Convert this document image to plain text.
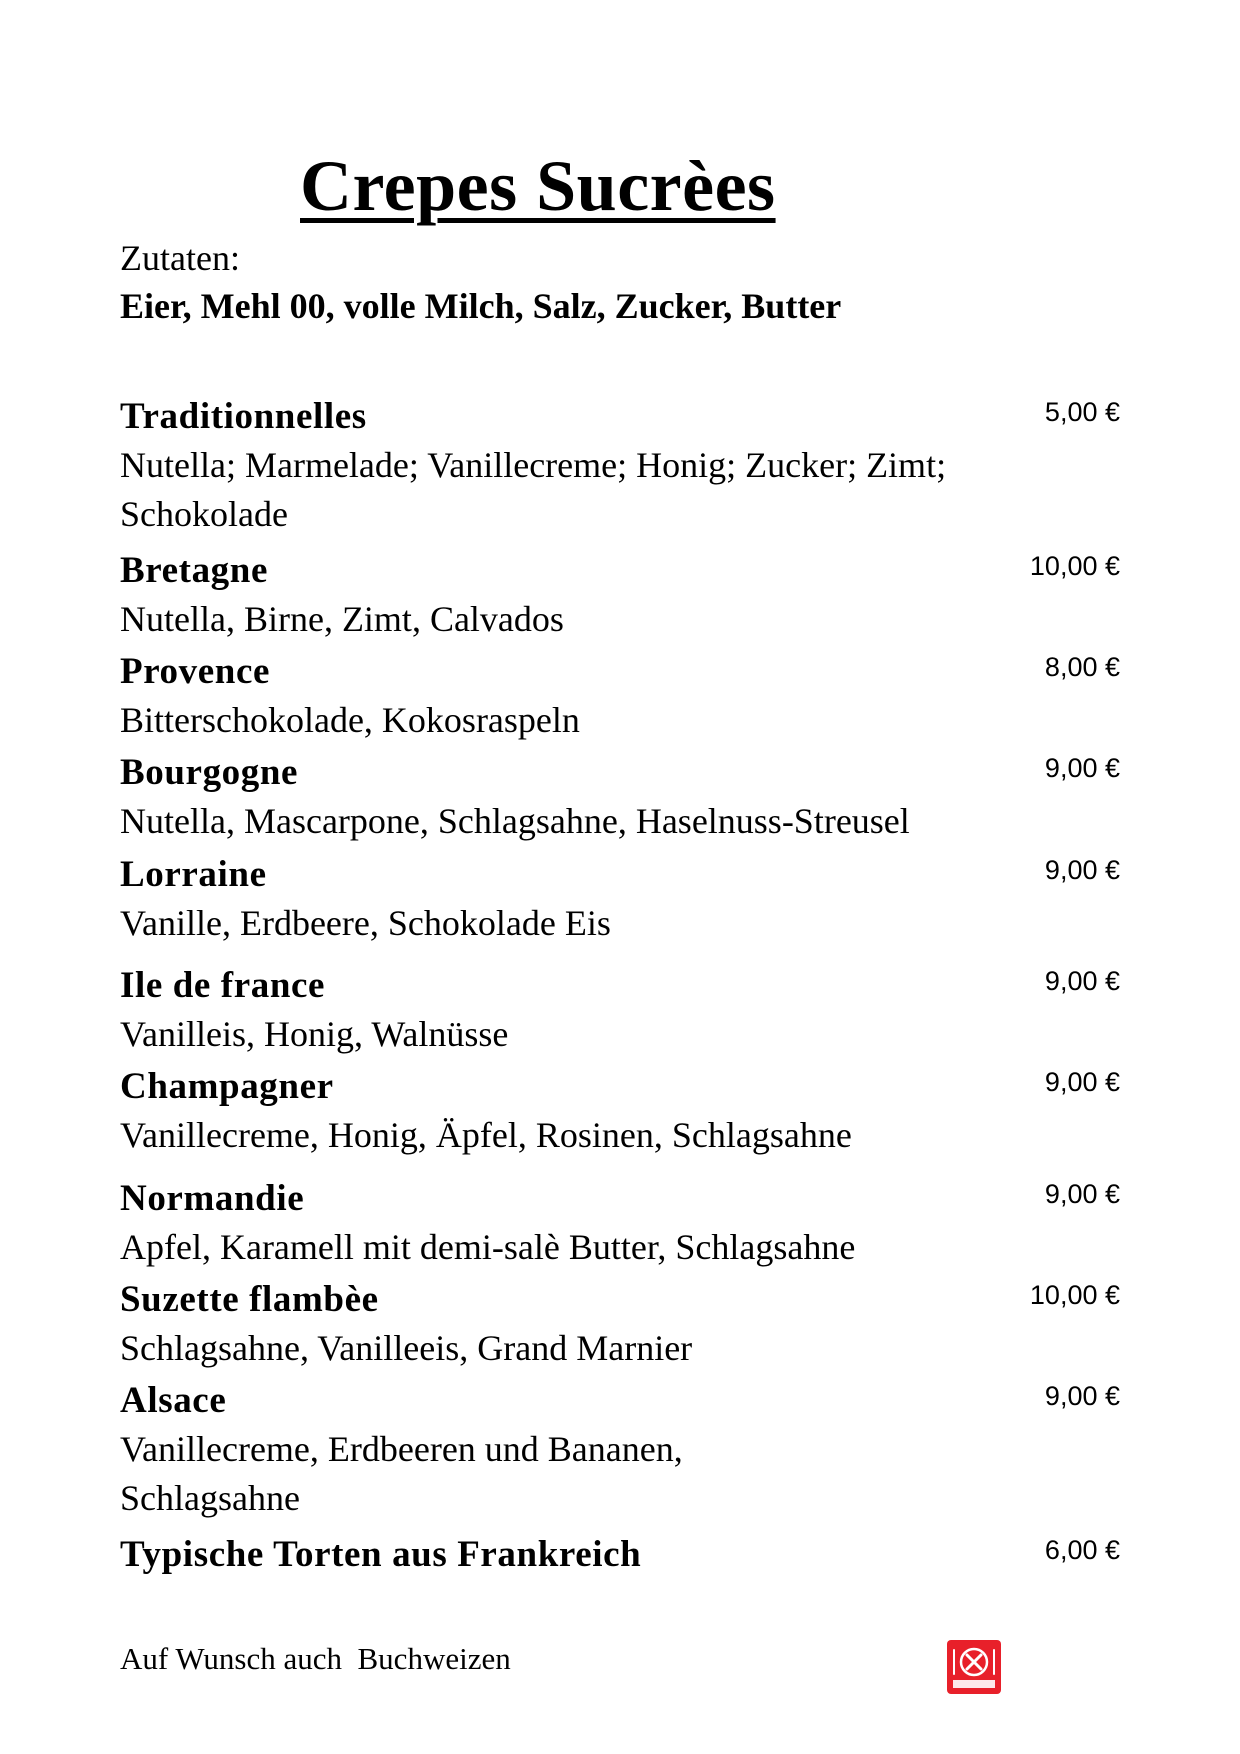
Crepes Sucrèes
Zutaten:
Eier, Mehl 00, volle Milch, Salz, Zucker, Butter
Traditionnelles
Nutella; Marmelade; Vanillecreme; Honig; Zucker; Zimt; Schokolade
5,00 €
Bretagne
Nutella, Birne, Zimt, Calvados
10,00 €
Provence
Bitterschokolade, Kokosraspeln
8,00 €
Bourgogne
Nutella, Mascarpone, Schlagsahne, Haselnuss-Streusel
9,00 €
Lorraine
Vanille, Erdbeere, Schokolade Eis
9,00 €
Ile de france
Vanilleis, Honig, Walnüsse
9,00 €
Champagner
Vanillecreme, Honig, Äpfel, Rosinen, Schlagsahne
9,00 €
Normandie
Apfel, Karamell mit demi-salè Butter, Schlagsahne
9,00 €
Suzette flambèe
Schlagsahne, Vanilleeis, Grand Marnier
10,00 €
Alsace
Vanillecreme, Erdbeeren und Bananen, Schlagsahne
9,00 €
Typische Torten aus Frankreich	6,00 €
Auf Wunsch auch  Buchweizen
